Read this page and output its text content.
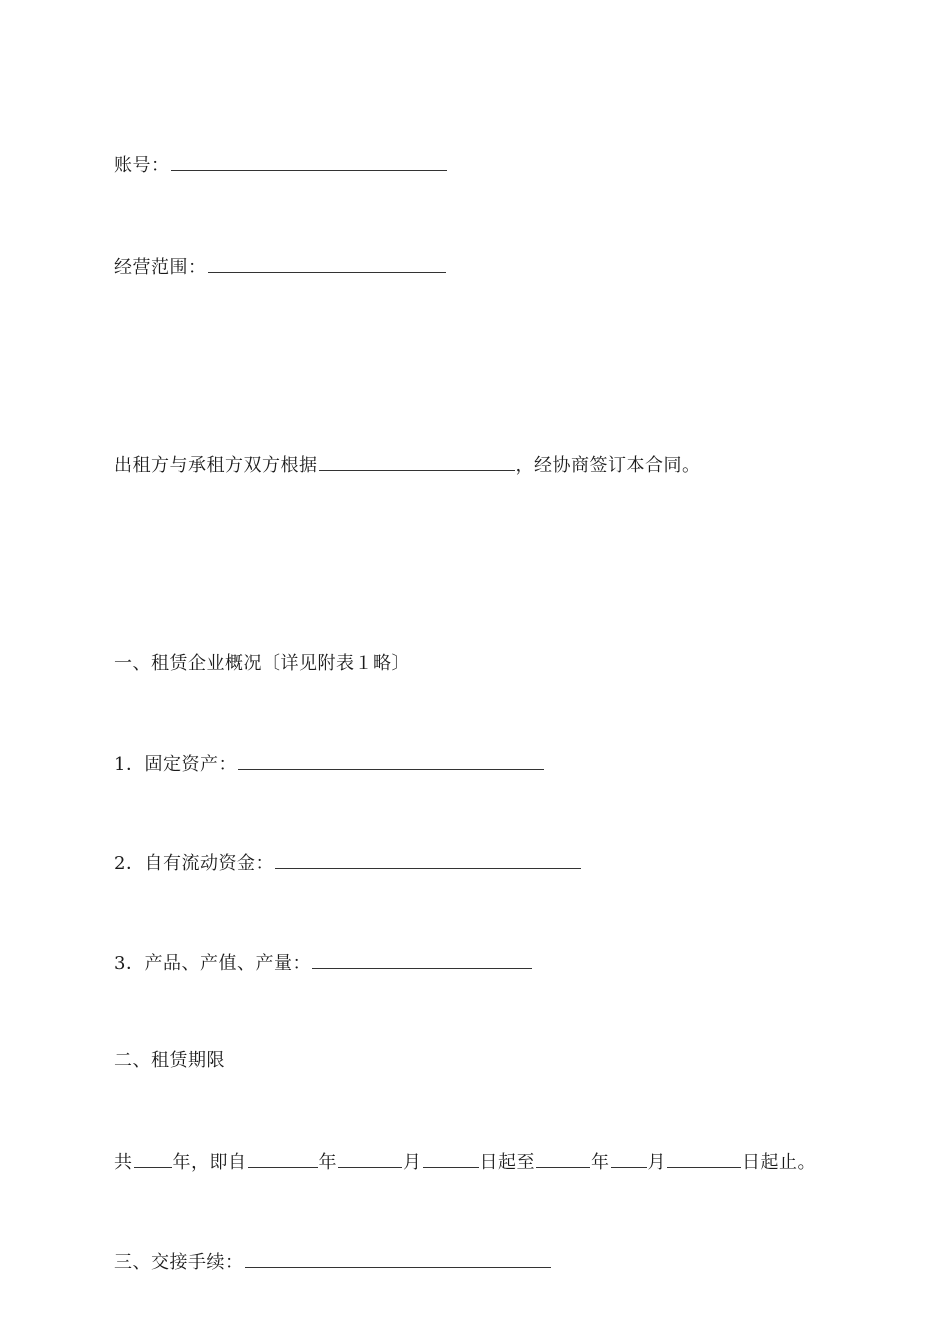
账号：
经营范围：
出租方与承租方双方根据	，经协商签订本合同。
一、租赁企业概况〔详见附表１略〕
1．固定资产：
2．自有流动资金：
3．产品、产值、产量：
二、租赁期限
共 年，即自	年	月	日起至	年 月	日起止。
三、交接手续：
